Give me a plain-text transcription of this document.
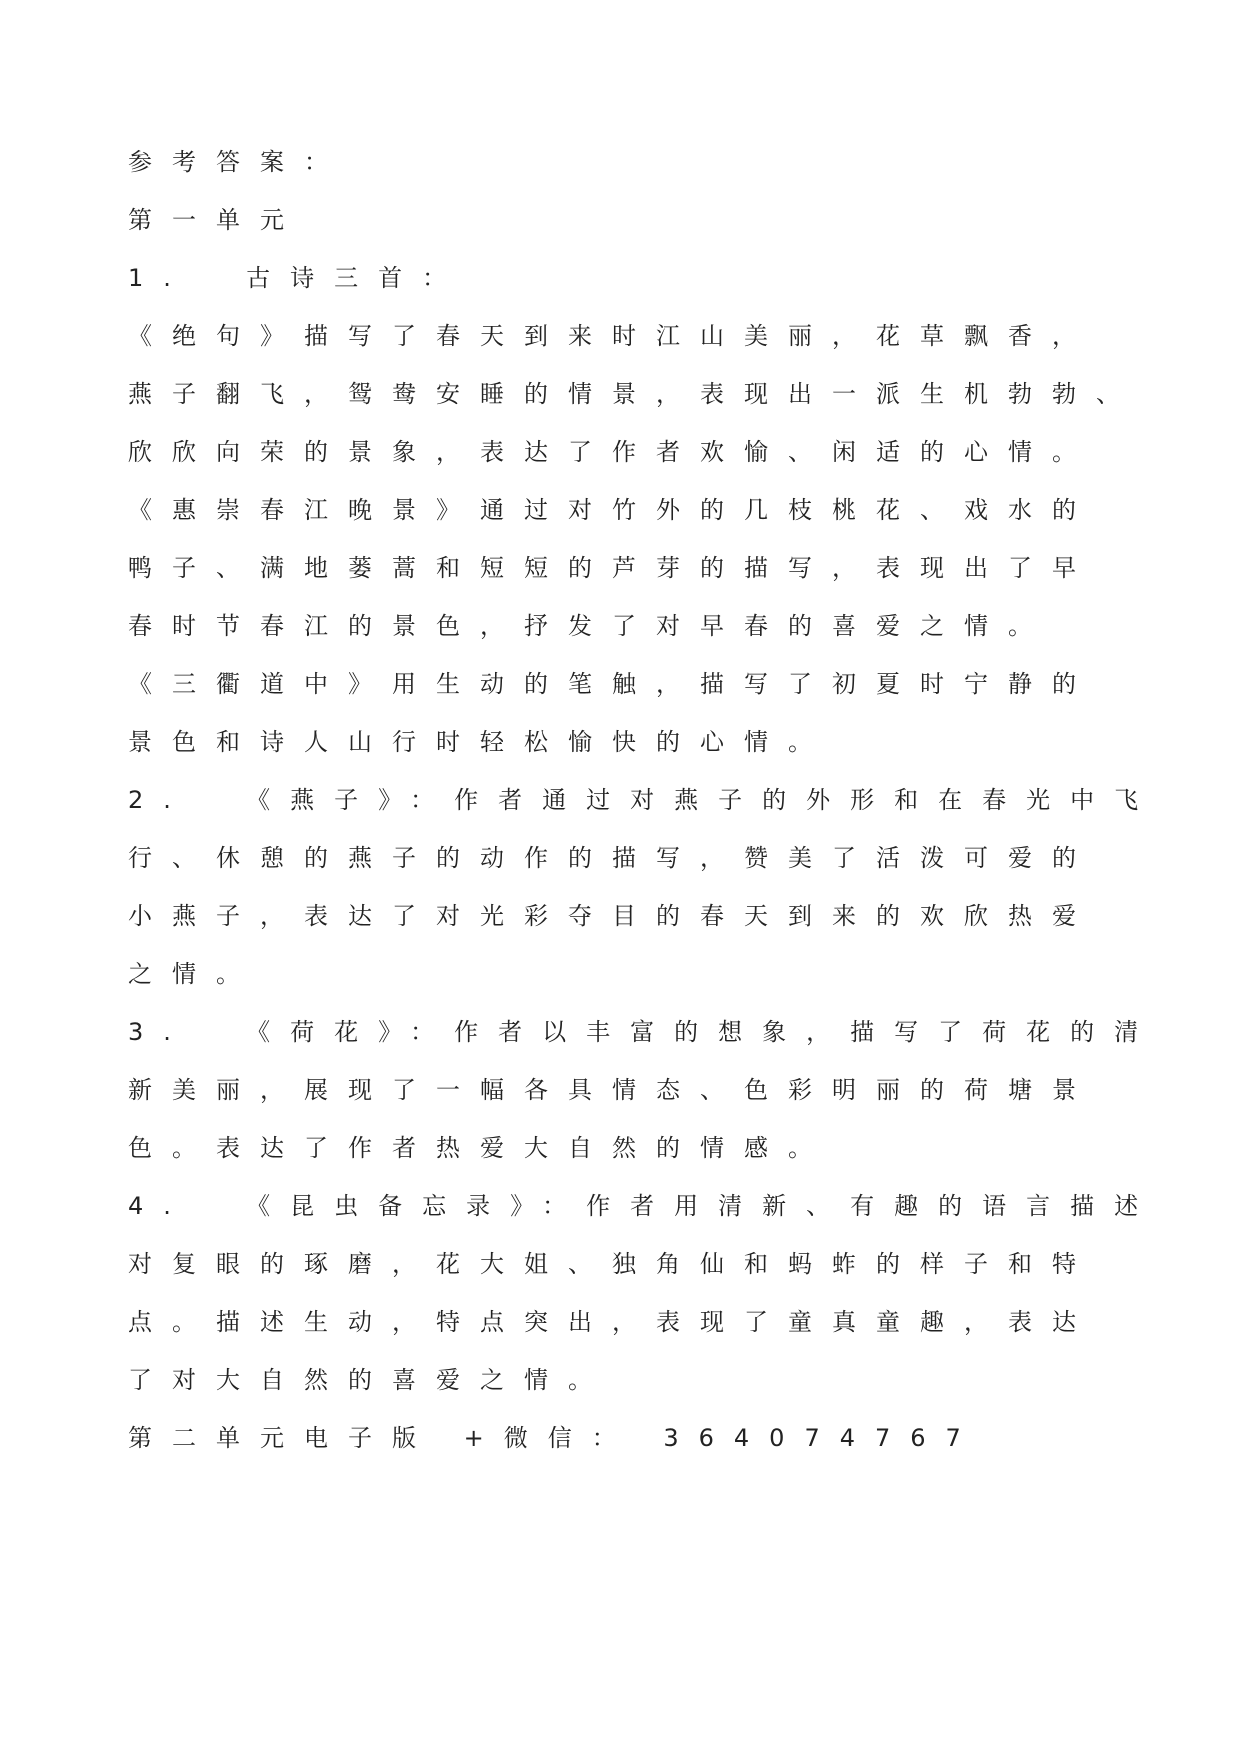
参考答案：
第一单元
1.  古诗三首：
《绝句》描写了春天到来时江山美丽，花草飘香，
燕子翻飞，鸳鸯安睡的情景，表现出一派生机勃勃、
欣欣向荣的景象，表达了作者欢愉、闲适的心情。
《惠崇春江晚景》通过对竹外的几枝桃花、戏水的
鸭子、满地蒌蒿和短短的芦芽的描写，表现出了早
春时节春江的景色，抒发了对早春的喜爱之情。
《三衢道中》用生动的笔触，描写了初夏时宁静的
景色和诗人山行时轻松愉快的心情。
2.  《燕子》：作者通过对燕子的外形和在春光中飞
行、休憩的燕子的动作的描写，赞美了活泼可爱的
小燕子，表达了对光彩夺目的春天到来的欢欣热爱
之情。
3.  《荷花》：作者以丰富的想象，描写了荷花的清
新美丽，展现了一幅各具情态、色彩明丽的荷塘景
色。表达了作者热爱大自然的情感。
4.  《昆虫备忘录》：作者用清新、有趣的语言描述
对复眼的琢磨，花大姐、独角仙和蚂蚱的样子和特
点。描述生动，特点突出，表现了童真童趣，表达
了对大自然的喜爱之情。
第二单元电子版 +微信： 364074767
